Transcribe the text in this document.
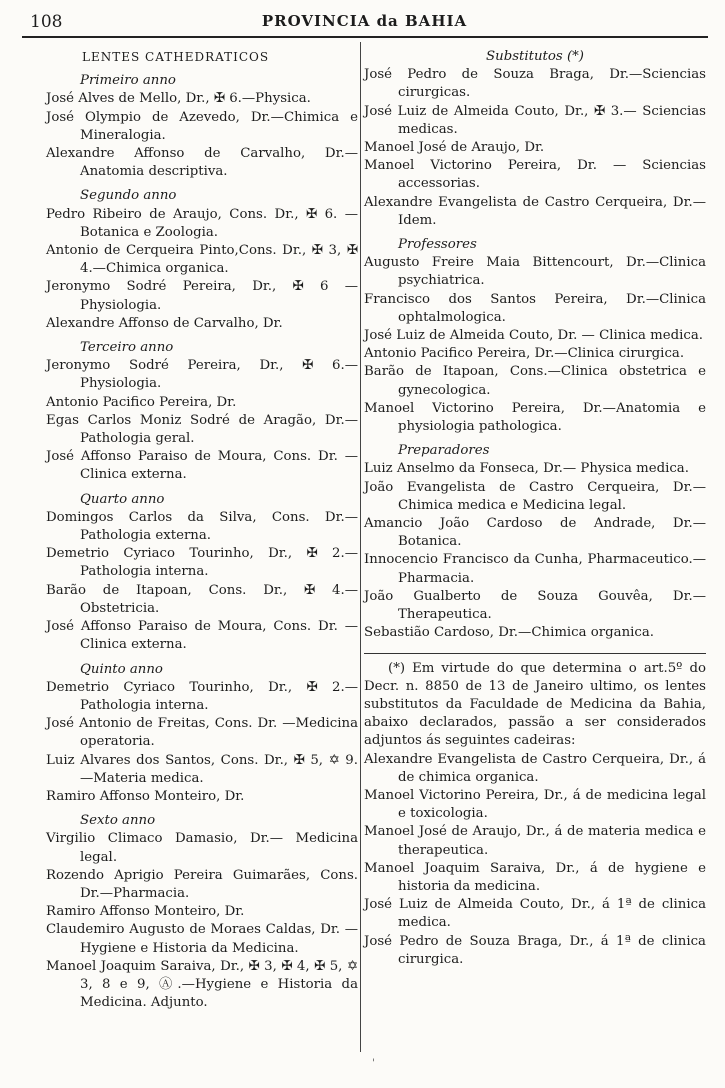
108	PROVINCIA da BAHIA
LENTES CATHEDRATICOS
Primeiro anno
José Alves de Mello, Dr., ✠ 6.—Physica.
José Olympio de Azevedo, Dr.—Chimica e Mineralogia.
Alexandre Affonso de Carvalho, Dr.—Anatomia descriptiva.
Segundo anno
Pedro Ribeiro de Araujo, Cons. Dr., ✠ 6. —Botanica e Zoologia.
Antonio de Cerqueira Pinto,Cons. Dr., ✠ 3, ✠ 4.—Chimica organica.
Jeronymo Sodré Pereira, Dr., ✠ 6 —Physiologia.
Alexandre Affonso de Carvalho, Dr.
Terceiro anno
Jeronymo Sodré Pereira, Dr., ✠ 6.—Physiologia.
Antonio Pacifico Pereira, Dr.
Egas Carlos Moniz Sodré de Aragão, Dr.—Pathologia geral.
José Affonso Paraiso de Moura, Cons. Dr. —Clinica externa.
Quarto anno
Domingos Carlos da Silva, Cons. Dr.—Pathologia externa.
Demetrio Cyriaco Tourinho, Dr., ✠ 2.—Pathologia interna.
Barão de Itapoan, Cons. Dr., ✠ 4.—Obstetricia.
José Affonso Paraiso de Moura, Cons. Dr. —Clinica externa.
Quinto anno
Demetrio Cyriaco Tourinho, Dr., ✠ 2.—Pathologia interna.
José Antonio de Freitas, Cons. Dr. —Medicina operatoria.
Luiz Alvares dos Santos, Cons. Dr., ✠ 5, ✡ 9.—Materia medica.
Ramiro Affonso Monteiro, Dr.
Sexto anno
Virgilio Climaco Damasio, Dr.— Medicina legal.
Rozendo Aprigio Pereira Guimarães, Cons. Dr.—Pharmacia.
Ramiro Affonso Monteiro, Dr.
Claudemiro Augusto de Moraes Caldas, Dr. —Hygiene e Historia da Medicina.
Manoel Joaquim Saraiva, Dr., ✠ 3, ✠ 4, ✠ 5, ✡ 3, 8 e 9, Ⓐ.—Hygiene e Historia da Medicina. Adjunto.
Substitutos (*)
José Pedro de Souza Braga, Dr.—Sciencias cirurgicas.
José Luiz de Almeida Couto, Dr., ✠ 3.— Sciencias medicas.
Manoel José de Araujo, Dr.
Manoel Victorino Pereira, Dr. — Sciencias accessorias.
Alexandre Evangelista de Castro Cerqueira, Dr.—Idem.
Professores
Augusto Freire Maia Bittencourt, Dr.—Clinica psychiatrica.
Francisco dos Santos Pereira, Dr.—Clinica ophtalmologica.
José Luiz de Almeida Couto, Dr. — Clinica medica.
Antonio Pacifico Pereira, Dr.—Clinica cirurgica.
Barão de Itapoan, Cons.—Clinica obstetrica e gynecologica.
Manoel Victorino Pereira, Dr.—Anatomia e physiologia pathologica.
Preparadores
Luiz Anselmo da Fonseca, Dr.— Physica medica.
João Evangelista de Castro Cerqueira, Dr.— Chimica medica e Medicina legal.
Amancio João Cardoso de Andrade, Dr.— Botanica.
Innocencio Francisco da Cunha, Pharmaceutico.—Pharmacia.
João Gualberto de Souza Gouvêa, Dr.—Therapeutica.
Sebastião Cardoso, Dr.—Chimica organica.
(*) Em virtude do que determina o art.5º do Decr. n. 8850 de 13 de Janeiro ultimo, os lentes substitutos da Faculdade de Medicina da Bahia, abaixo declarados, passão a ser considerados adjuntos ás seguintes cadeiras:
Alexandre Evangelista de Castro Cerqueira, Dr., á de chimica organica.
Manoel Victorino Pereira, Dr., á de medicina legal e toxicologia.
Manoel José de Araujo, Dr., á de materia medica e therapeutica.
Manoel Joaquim Saraiva, Dr., á de hygiene e historia da medicina.
José Luiz de Almeida Couto, Dr., á 1ª de clinica medica.
José Pedro de Souza Braga, Dr., á 1ª de clinica cirurgica.
'
